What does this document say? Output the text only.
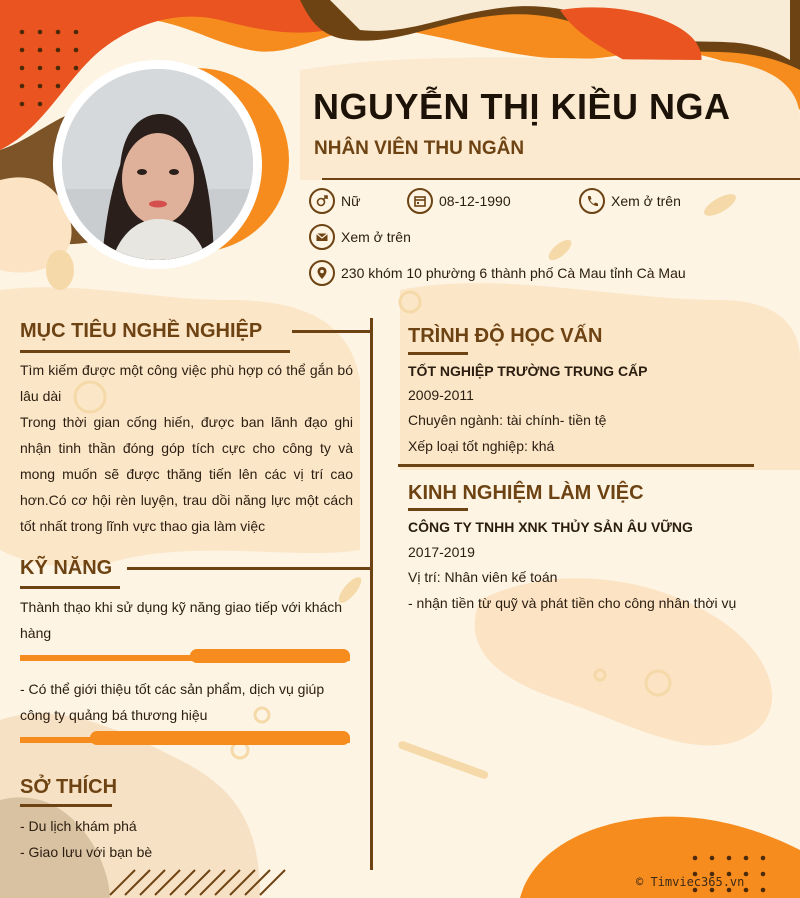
NGUYỄN THỊ KIỀU NGA
NHÂN VIÊN THU NGÂN
Nữ	08-12-1990	Xem ở trên
Xem ở trên
230 khóm 10 phường 6 thành phố Cà Mau tỉnh Cà Mau
MỤC TIÊU NGHỀ NGHIỆP
Tìm kiếm được một công việc phù hợp có thể gắn bó lâu dài
Trong thời gian cống hiến, được ban lãnh đạo ghi nhận tinh thần đóng góp tích cực cho công ty và mong muốn sẽ được thăng tiến lên các vị trí cao hơn.Có cơ hội rèn luyện, trau dồi năng lực một cách tốt nhất trong lĩnh vực thao gia làm việc
KỸ NĂNG
Thành thạo khi sử dụng kỹ năng giao tiếp với khách hàng
- Có thể giới thiệu tốt các sản phẩm, dịch vụ giúp công ty quảng bá thương hiệu
SỞ THÍCH
- Du lịch khám phá
- Giao lưu với bạn bè
TRÌNH ĐỘ HỌC VẤN
TỐT NGHIỆP TRƯỜNG TRUNG CẤP
2009-2011
Chuyên ngành: tài chính- tiền tệ
Xếp loại tốt nghiệp: khá
KINH NGHIỆM LÀM VIỆC
CÔNG TY TNHH XNK THỦY SẢN ÂU VỮNG
2017-2019
Vị trí: Nhân viên kế toán
- nhận tiền từ quỹ và phát tiền cho công nhân thời vụ
© Timviec365.vn
